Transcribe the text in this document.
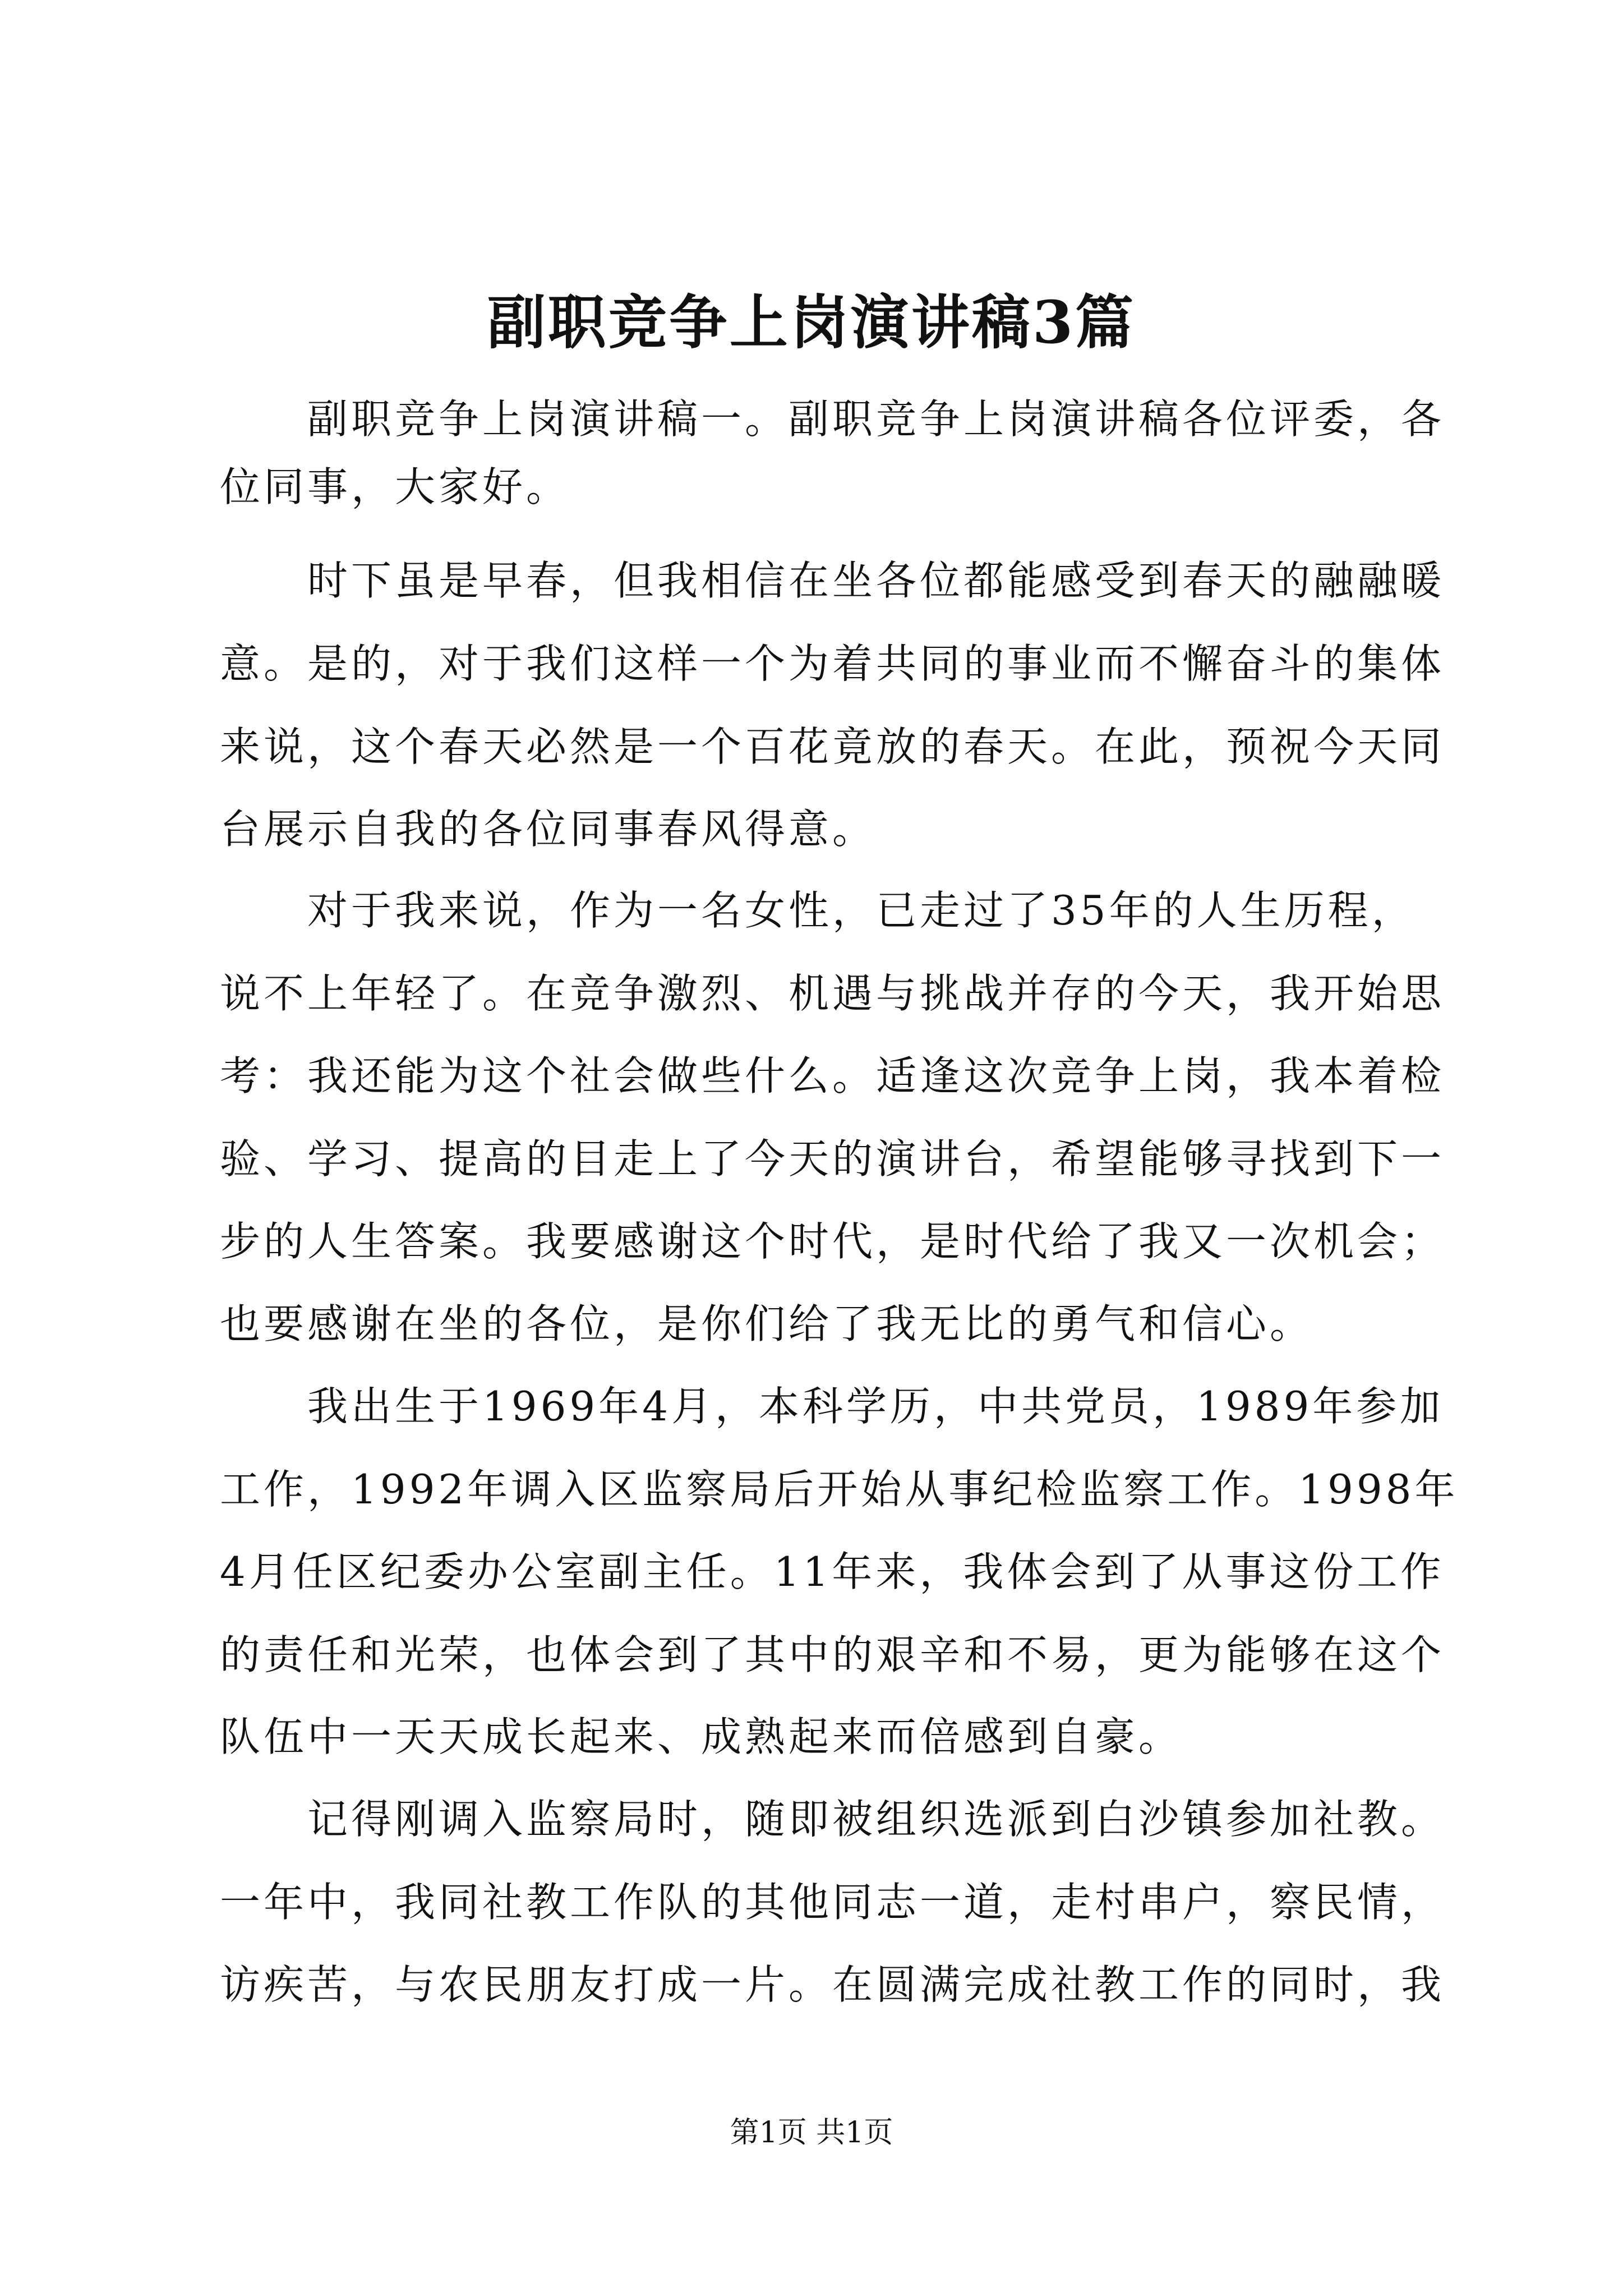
副职竞争上岗演讲稿3篇
副职竞争上岗演讲稿一。副职竞争上岗演讲稿各位评委，各
位同事，大家好。
时下虽是早春，但我相信在坐各位都能感受到春天的融融暖
意。是的，对于我们这样一个为着共同的事业而不懈奋斗的集体
来说，这个春天必然是一个百花竟放的春天。在此，预祝今天同
台展示自我的各位同事春风得意。
对于我来说，作为一名女性，已走过了35年的人生历程，
说不上年轻了。在竞争激烈、机遇与挑战并存的今天，我开始思
考：我还能为这个社会做些什么。适逢这次竞争上岗，我本着检
验、学习、提高的目走上了今天的演讲台，希望能够寻找到下一
步的人生答案。我要感谢这个时代，是时代给了我又一次机会；
也要感谢在坐的各位，是你们给了我无比的勇气和信心。
我出生于1969年4月，本科学历，中共党员，1989年参加
工作，1992年调入区监察局后开始从事纪检监察工作。1998年
4月任区纪委办公室副主任。11年来，我体会到了从事这份工作
的责任和光荣，也体会到了其中的艰辛和不易，更为能够在这个
队伍中一天天成长起来、成熟起来而倍感到自豪。
记得刚调入监察局时，随即被组织选派到白沙镇参加社教。
一年中，我同社教工作队的其他同志一道，走村串户，察民情，
访疾苦，与农民朋友打成一片。在圆满完成社教工作的同时，我
第1页 共1页
